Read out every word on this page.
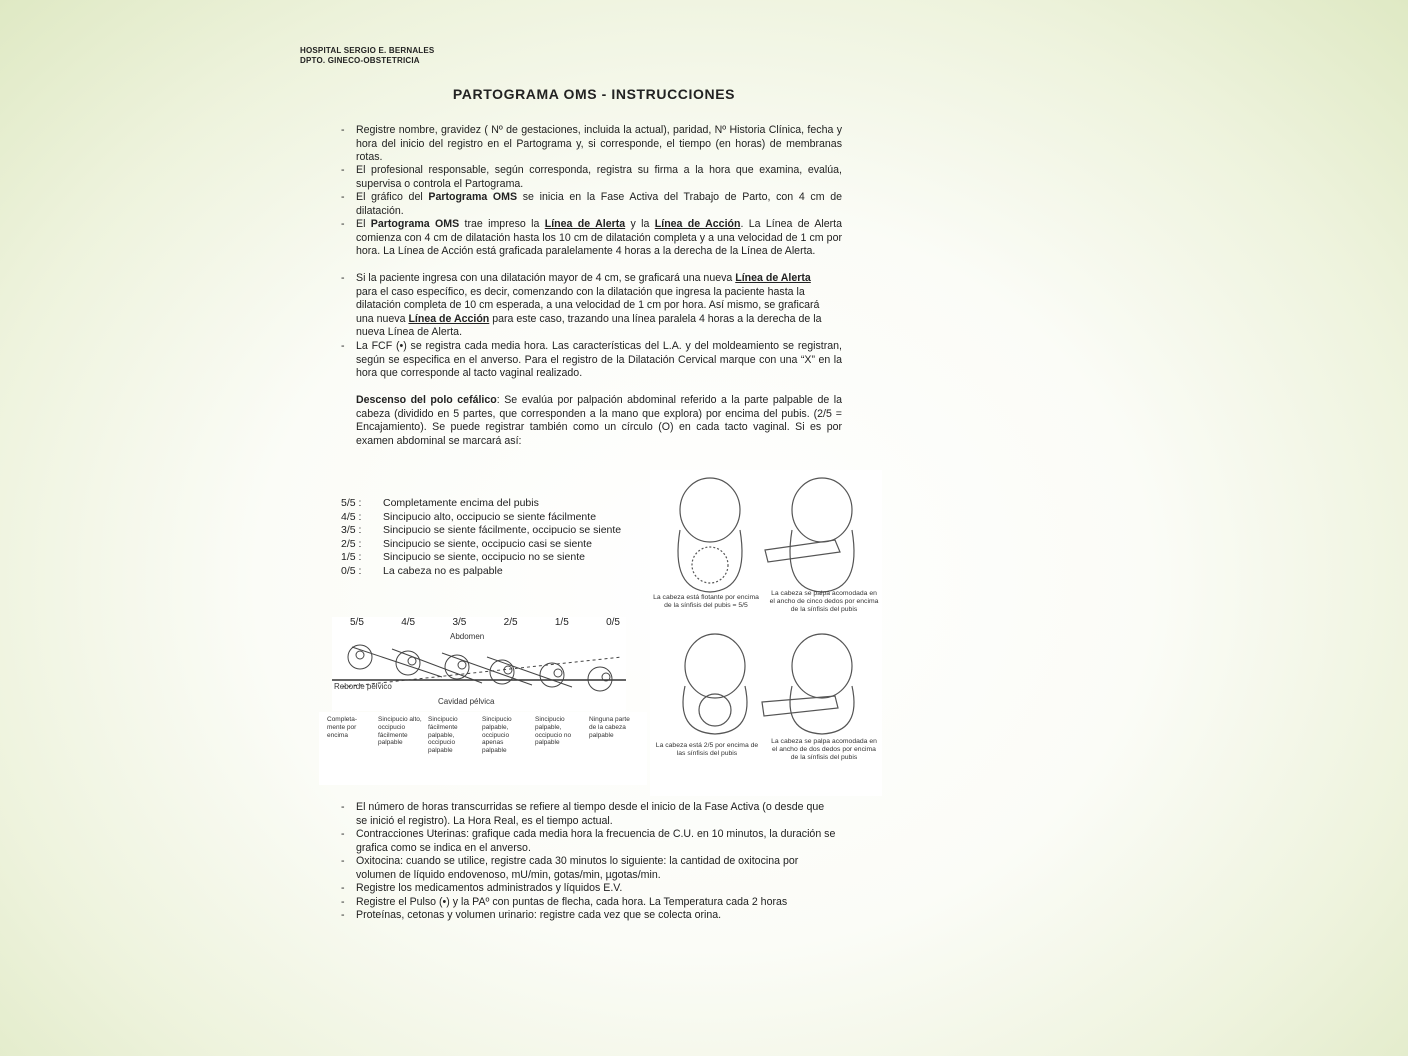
HOSPITAL SERGIO E. BERNALES
DPTO. GINECO-OBSTETRICIA
PARTOGRAMA OMS - INSTRUCCIONES
- Registre nombre, gravidez ( Nº de gestaciones, incluida la actual), paridad, Nº Historia Clínica, fecha y hora del inicio del registro en el Partograma y, si corresponde, el tiempo (en horas) de membranas rotas.
- El profesional responsable, según corresponda, registra su firma a la hora que examina, evalúa, supervisa o controla el Partograma.
- El gráfico del Partograma OMS se inicia en la Fase Activa del Trabajo de Parto, con 4 cm de dilatación.
- El Partograma OMS trae impreso la Línea de Alerta y la Línea de Acción. La Línea de Alerta comienza con 4 cm de dilatación hasta los 10 cm de dilatación completa y a una velocidad de 1 cm por hora. La Línea de Acción está graficada paralelamente 4 horas a la derecha de la Línea de Alerta.
- Si la paciente ingresa con una dilatación mayor de 4 cm, se graficará una nueva Línea de Alerta para el caso específico, es decir, comenzando con la dilatación que ingresa la paciente hasta la dilatación completa de 10 cm esperada, a una velocidad de 1 cm por hora. Así mismo, se graficará una nueva Línea de Acción para este caso, trazando una línea paralela 4 horas a la derecha de la nueva Línea de Alerta.
- La FCF (•) se registra cada media hora. Las características del L.A. y del moldeamiento se registran, según se especifica en el anverso. Para el registro de la Dilatación Cervical marque con una “X” en la hora que corresponde al tacto vaginal realizado.
Descenso del polo cefálico: Se evalúa por palpación abdominal referido a la parte palpable de la cabeza (dividido en 5 partes, que corresponden a la mano que explora) por encima del pubis. (2/5 = Encajamiento). Se puede registrar también como un círculo (O) en cada tacto vaginal. Si es por examen abdominal se marcará así:
5/5 : Completamente encima del pubis
4/5 : Sincipucio alto, occipucio se siente fácilmente
3/5 : Sincipucio se siente fácilmente, occipucio se siente
2/5 : Sincipucio se siente, occipucio casi se siente
1/5 : Sincipucio se siente, occipucio no se siente
0/5 : La cabeza no es palpable
5/5	4/5	3/5	2/5	1/5	0/5
Abdomen
Reborde pélvico
Cavidad pélvica
Completa-mente por encima
Sincipucio alto, occipucio fácilmente palpable
Sincipucio fácilmente palpable, occipucio palpable
Sincipucio palpable, occipucio apenas palpable
Sincipucio palpable, occipucio no palpable
Ninguna parte de la cabeza palpable
La cabeza está flotante por encima de la sínfisis del pubis = 5/5
La cabeza se palpa acomodada en el ancho de cinco dedos por encima de la sínfisis del pubis
La cabeza está 2/5 por encima de las sínfisis del pubis
La cabeza se palpa acomodada en el ancho de dos dedos por encima de la sínfisis del pubis
- El número de horas transcurridas se refiere al tiempo desde el inicio de la Fase Activa (o desde que se inició el registro). La Hora Real, es el tiempo actual.
- Contracciones Uterinas: grafique cada media hora la frecuencia de C.U. en 10 minutos, la duración se grafica como se indica en el anverso.
- Oxitocina: cuando se utilice, registre cada 30 minutos lo siguiente: la cantidad de oxitocina por volumen de líquido endovenoso, mU/min, gotas/min, µgotas/min.
- Registre los medicamentos administrados y líquidos E.V.
- Registre el Pulso (•) y la PAº con puntas de flecha, cada hora. La Temperatura cada 2 horas
- Proteínas, cetonas y volumen urinario: registre cada vez que se colecta orina.
